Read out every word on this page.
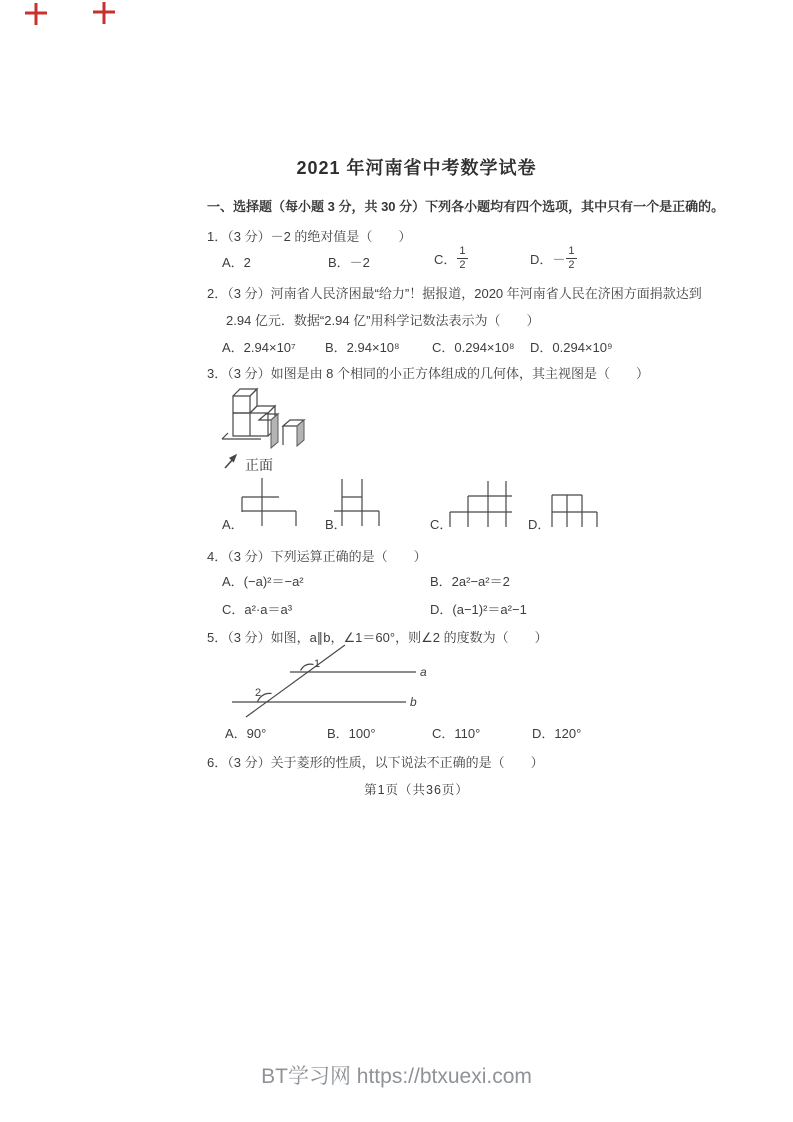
2021 年河南省中考数学试卷
一、选择题（每小题 3 分，共 30 分）下列各小题均有四个选项，其中只有一个是正确的。
1．（3 分）－2 的绝对值是（　　）
A．2	B．－2	C． $\frac{1}{2}$	D．－ $\frac{1}{2}$
2．（3 分）河南省人民济困最“给力”！据报道，2020 年河南省人民在济困方面捐款达到
2.94 亿元．数据“2.94 亿”用科学记数法表示为（　　）
A．2.94×10⁷ B．2.94×10⁸ C．0.294×10⁸ D．0.294×10⁹
3．（3 分）如图是由 8 个相同的小正方体组成的几何体，其主视图是（　　）
正面
A．	B．	C．	D．
4．（3 分）下列运算正确的是（　　）
A．(−a)²＝−a²	B．2a²−a²＝2
C．a²·a＝a³	D．(a−1)²＝a²−1
5．（3 分）如图，a∥b，∠1＝60°，则∠2 的度数为（　　）
a
b
1
2
A．90°	B．100°	C．110°	D．120°
6．（3 分）关于菱形的性质，以下说法不正确的是（　　）
第1页（共36页）
BT学习网 https://btxuexi.com
